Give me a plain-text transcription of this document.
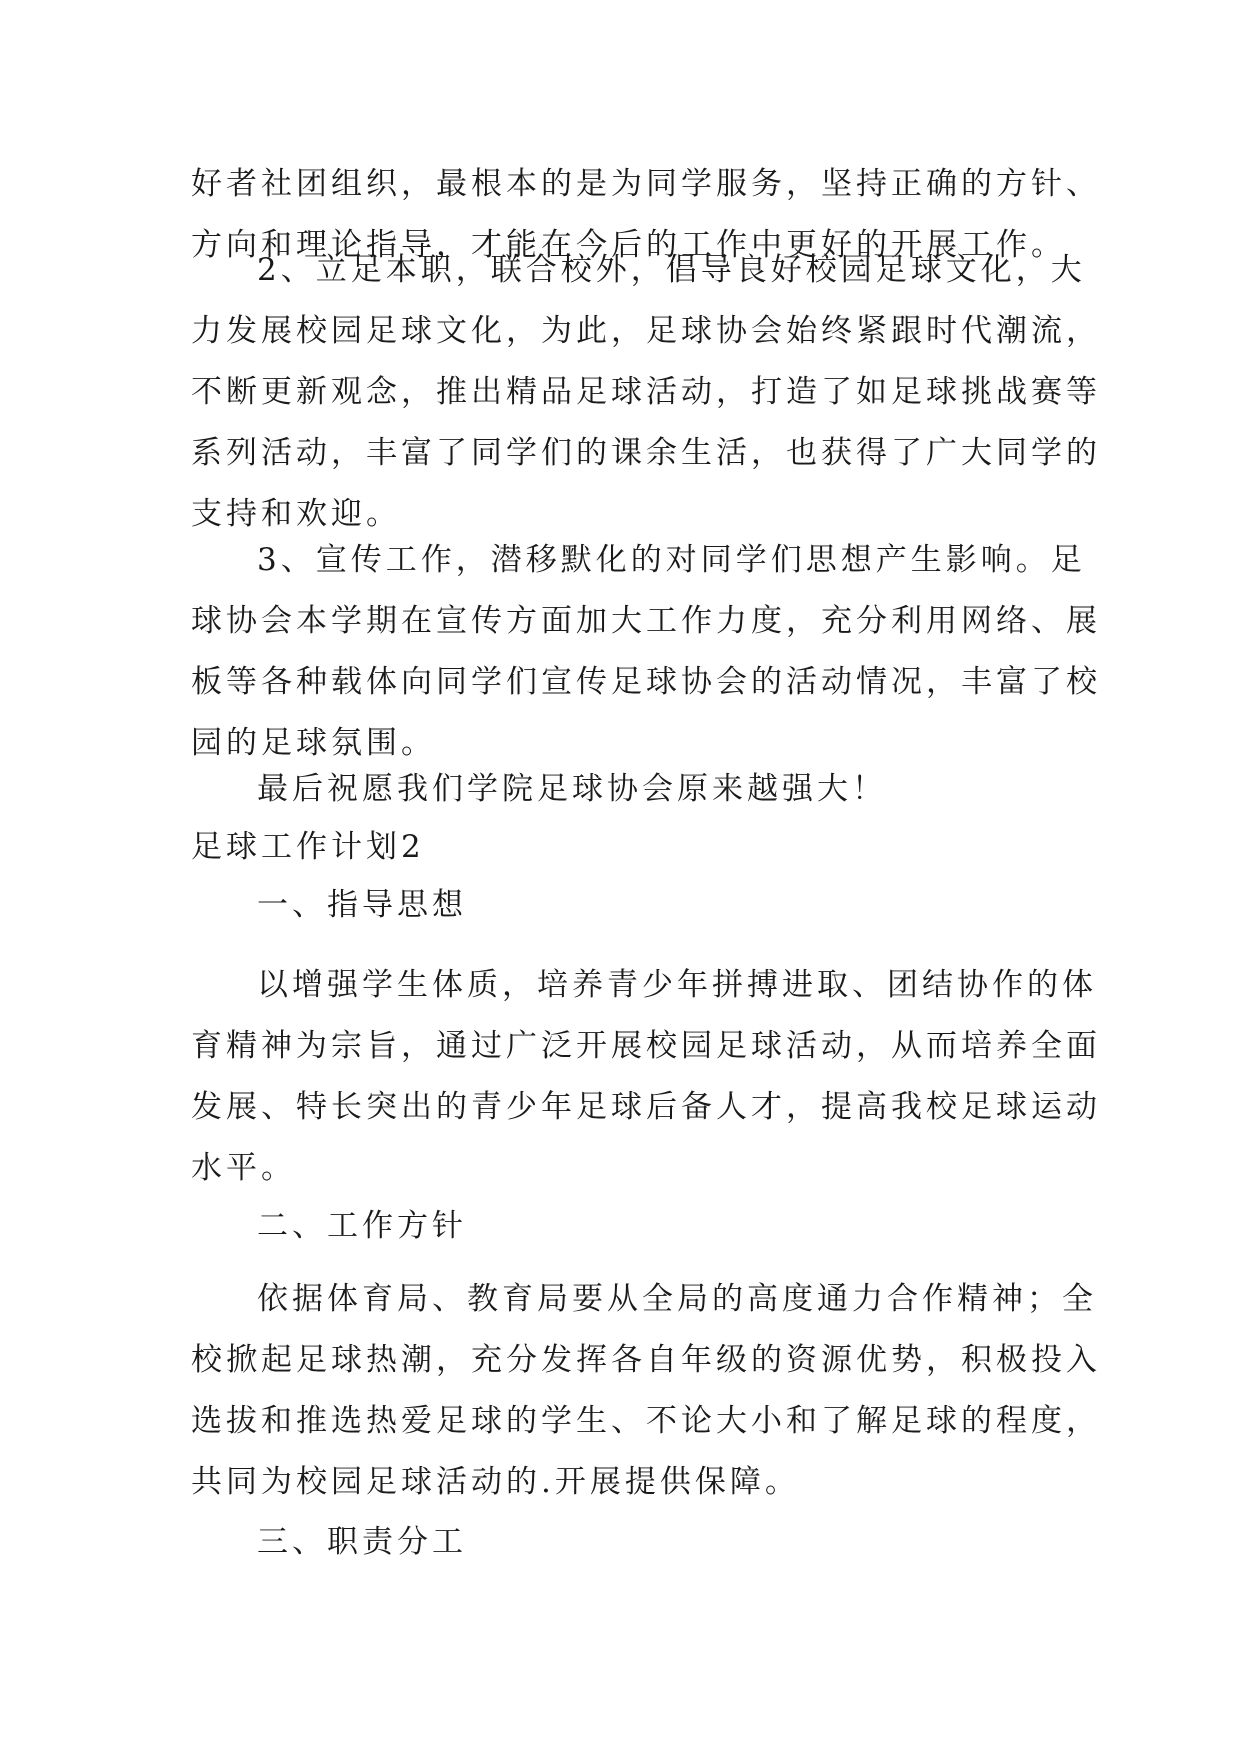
好者社团组织，最根本的是为同学服务，坚持正确的方针、
方向和理论指导，才能在今后的工作中更好的开展工作。
2、立足本职，联合校外，倡导良好校园足球文化，大
力发展校园足球文化，为此，足球协会始终紧跟时代潮流，
不断更新观念，推出精品足球活动，打造了如足球挑战赛等
系列活动，丰富了同学们的课余生活，也获得了广大同学的
支持和欢迎。
3、宣传工作，潜移默化的对同学们思想产生影响。足
球协会本学期在宣传方面加大工作力度，充分利用网络、展
板等各种载体向同学们宣传足球协会的活动情况，丰富了校
园的足球氛围。
最后祝愿我们学院足球协会原来越强大！
足球工作计划2
一、指导思想
以增强学生体质，培养青少年拼搏进取、团结协作的体
育精神为宗旨，通过广泛开展校园足球活动，从而培养全面
发展、特长突出的青少年足球后备人才，提高我校足球运动
水平。
二、工作方针
依据体育局、教育局要从全局的高度通力合作精神；全
校掀起足球热潮，充分发挥各自年级的资源优势，积极投入
选拔和推选热爱足球的学生、不论大小和了解足球的程度，
共同为校园足球活动的.开展提供保障。
三、职责分工
